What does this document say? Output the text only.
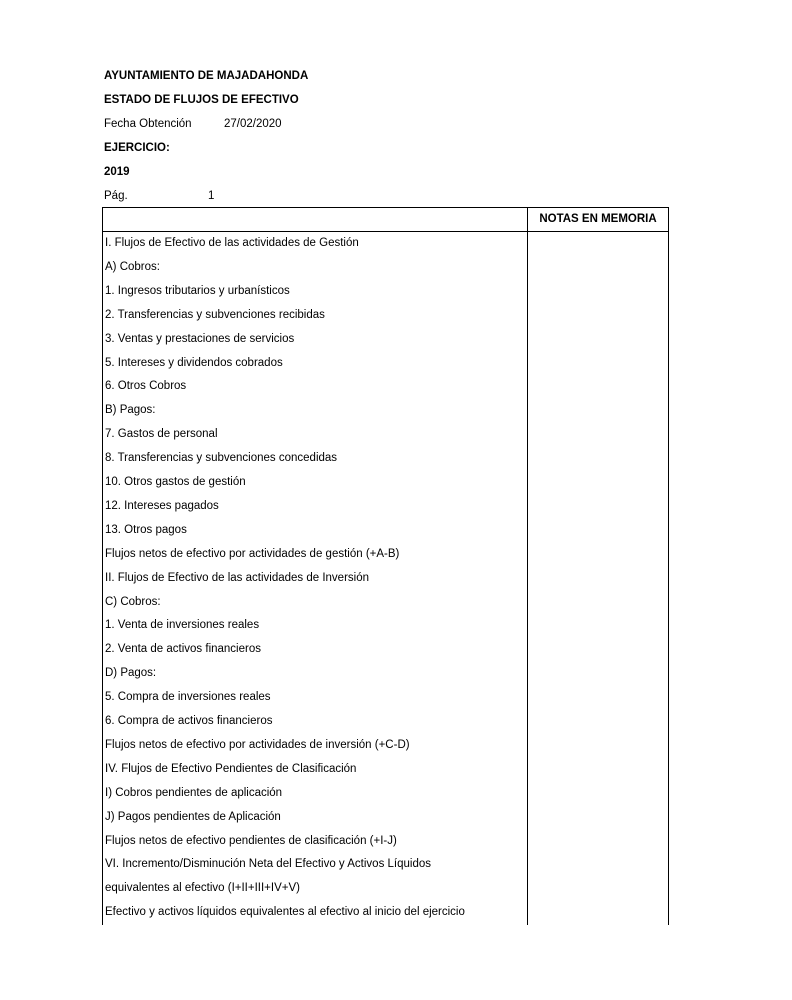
AYUNTAMIENTO DE MAJADAHONDA
ESTADO DE FLUJOS DE EFECTIVO
Fecha Obtención	27/02/2020
EJERCICIO:
2019
Pág.	1
NOTAS EN MEMORIA
I. Flujos de Efectivo de las actividades de Gestión
A) Cobros:
1. Ingresos tributarios y urbanísticos
2. Transferencias y subvenciones recibidas
3. Ventas y prestaciones de servicios
5. Intereses y dividendos cobrados
6. Otros Cobros
B) Pagos:
7. Gastos de personal
8. Transferencias y subvenciones concedidas
10. Otros gastos de gestión
12. Intereses pagados
13. Otros pagos
Flujos netos de efectivo por actividades de gestión (+A-B)
II. Flujos de Efectivo de las actividades de Inversión
C) Cobros:
1. Venta de inversiones reales
2. Venta de activos financieros
D) Pagos:
5. Compra de inversiones reales
6. Compra de activos financieros
Flujos netos de efectivo por actividades de inversión (+C-D)
IV. Flujos de Efectivo Pendientes de Clasificación
I) Cobros pendientes de aplicación
J) Pagos pendientes de Aplicación
Flujos netos de efectivo pendientes de clasificación (+I-J)
VI. Incremento/Disminución Neta del Efectivo y Activos Líquidos
equivalentes al efectivo (I+II+III+IV+V)
Efectivo y activos líquidos equivalentes al efectivo al inicio del ejercicio
